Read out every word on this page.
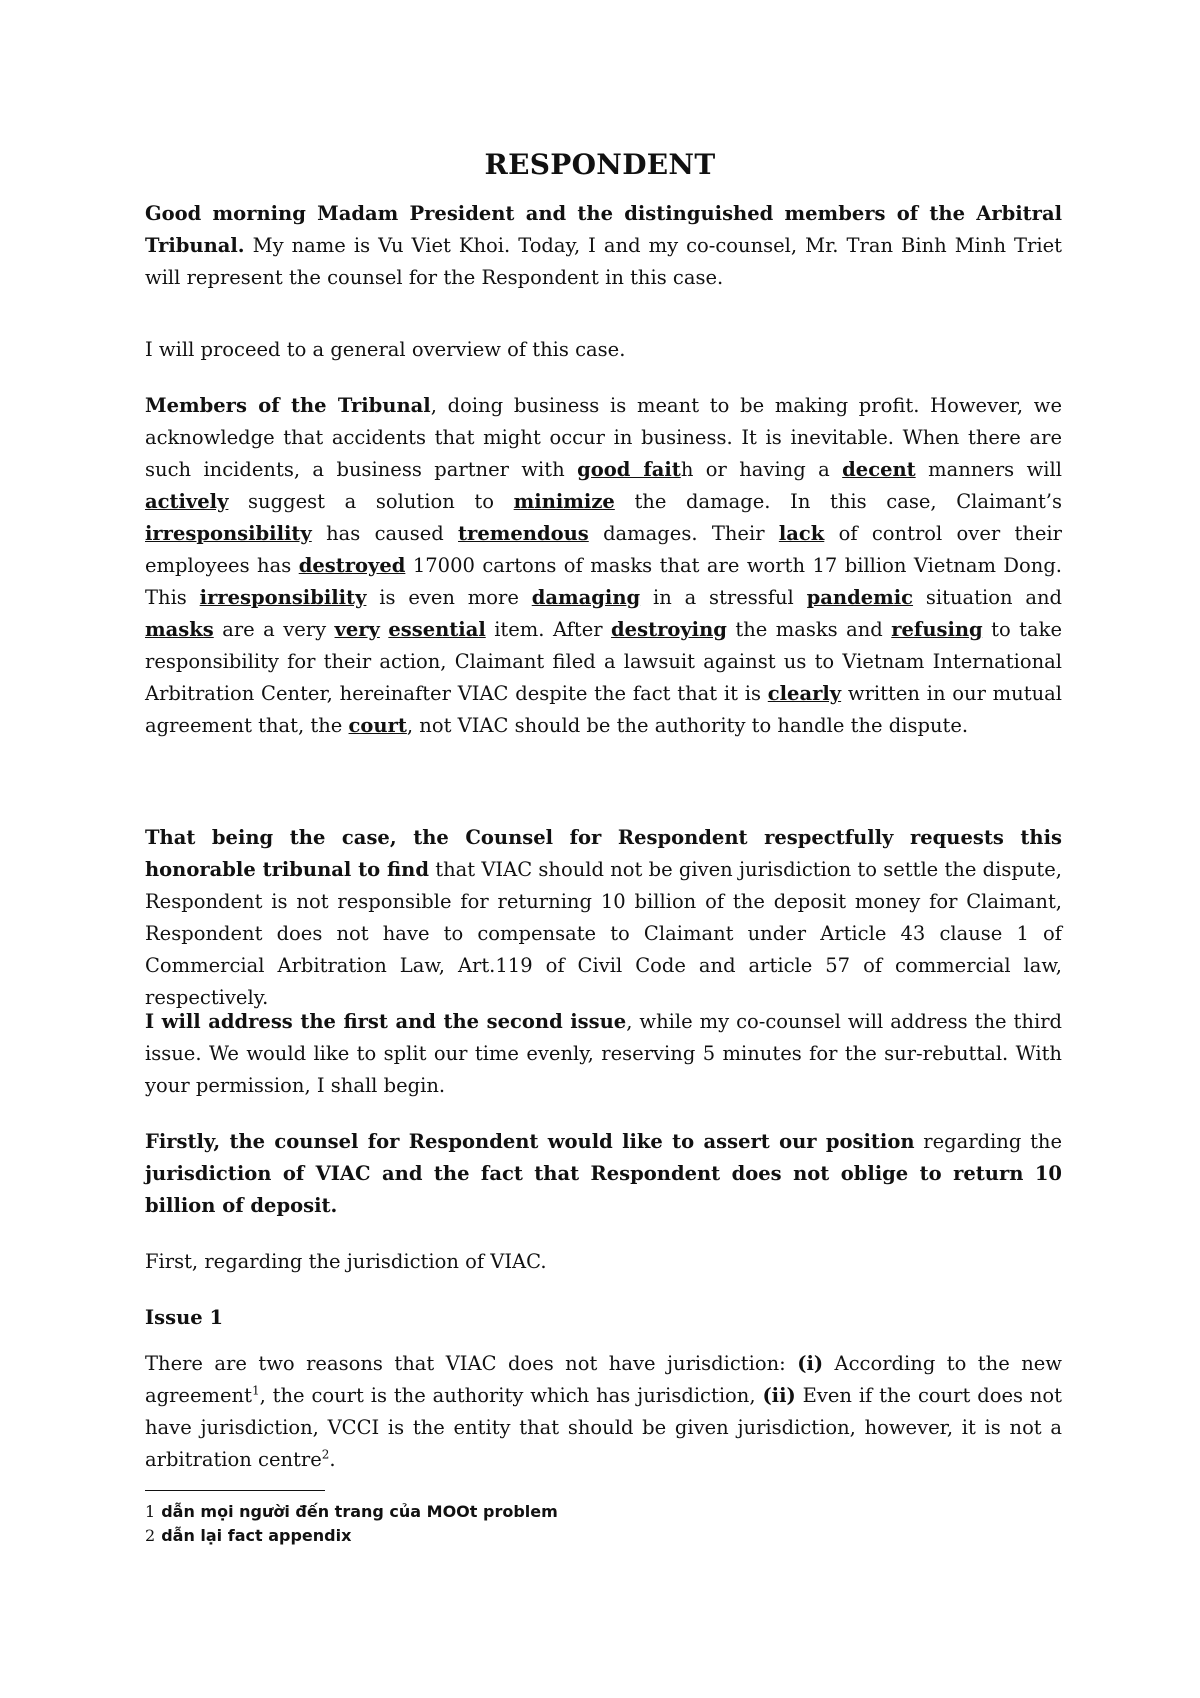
RESPONDENT

Good morning Madam President and the distinguished members of the Arbitral Tribunal. My name is Vu Viet Khoi. Today, I and my co-counsel, Mr. Tran Binh Minh Triet will represent the counsel for the Respondent in this case.

I will proceed to a general overview of this case.

Members of the Tribunal, doing business is meant to be making profit. However, we acknowledge that accidents that might occur in business. It is inevitable. When there are such incidents, a business partner with good faith or having a decent manners will actively suggest a solution to minimize the damage. In this case, Claimant’s irresponsibility has caused tremendous damages. Their lack of control over their employees has destroyed 17000 cartons of masks that are worth 17 billion Vietnam Dong. This irresponsibility is even more damaging in a stressful pandemic situation and masks are a very very essential item. After destroying the masks and refusing to take responsibility for their action, Claimant filed a lawsuit against us to Vietnam International Arbitration Center, hereinafter VIAC despite the fact that it is clearly written in our mutual agreement that, the court, not VIAC should be the authority to handle the dispute.

That being the case, the Counsel for Respondent respectfully requests this honorable tribunal to find that VIAC should not be given jurisdiction to settle the dispute, Respondent is not responsible for returning 10 billion of the deposit money for Claimant, Respondent does not have to compensate to Claimant under Article 43 clause 1 of Commercial Arbitration Law, Art.119 of Civil Code and article 57 of commercial law, respectively.

I will address the first and the second issue, while my co-counsel will address the third issue. We would like to split our time evenly, reserving 5 minutes for the sur-rebuttal. With your permission, I shall begin.

Firstly, the counsel for Respondent would like to assert our position regarding the jurisdiction of VIAC and the fact that Respondent does not oblige to return 10 billion of deposit.

First, regarding the jurisdiction of VIAC.

Issue 1

There are two reasons that VIAC does not have jurisdiction: (i) According to the new agreement$^1$, the court is the authority which has jurisdiction, (ii) Even if the court does not have jurisdiction, VCCI is the entity that should be given jurisdiction, however, it is not a arbitration centre$^2$.

1 dẫn mọi người đến trang của MOOt problem
2 dẫn lại fact appendix
